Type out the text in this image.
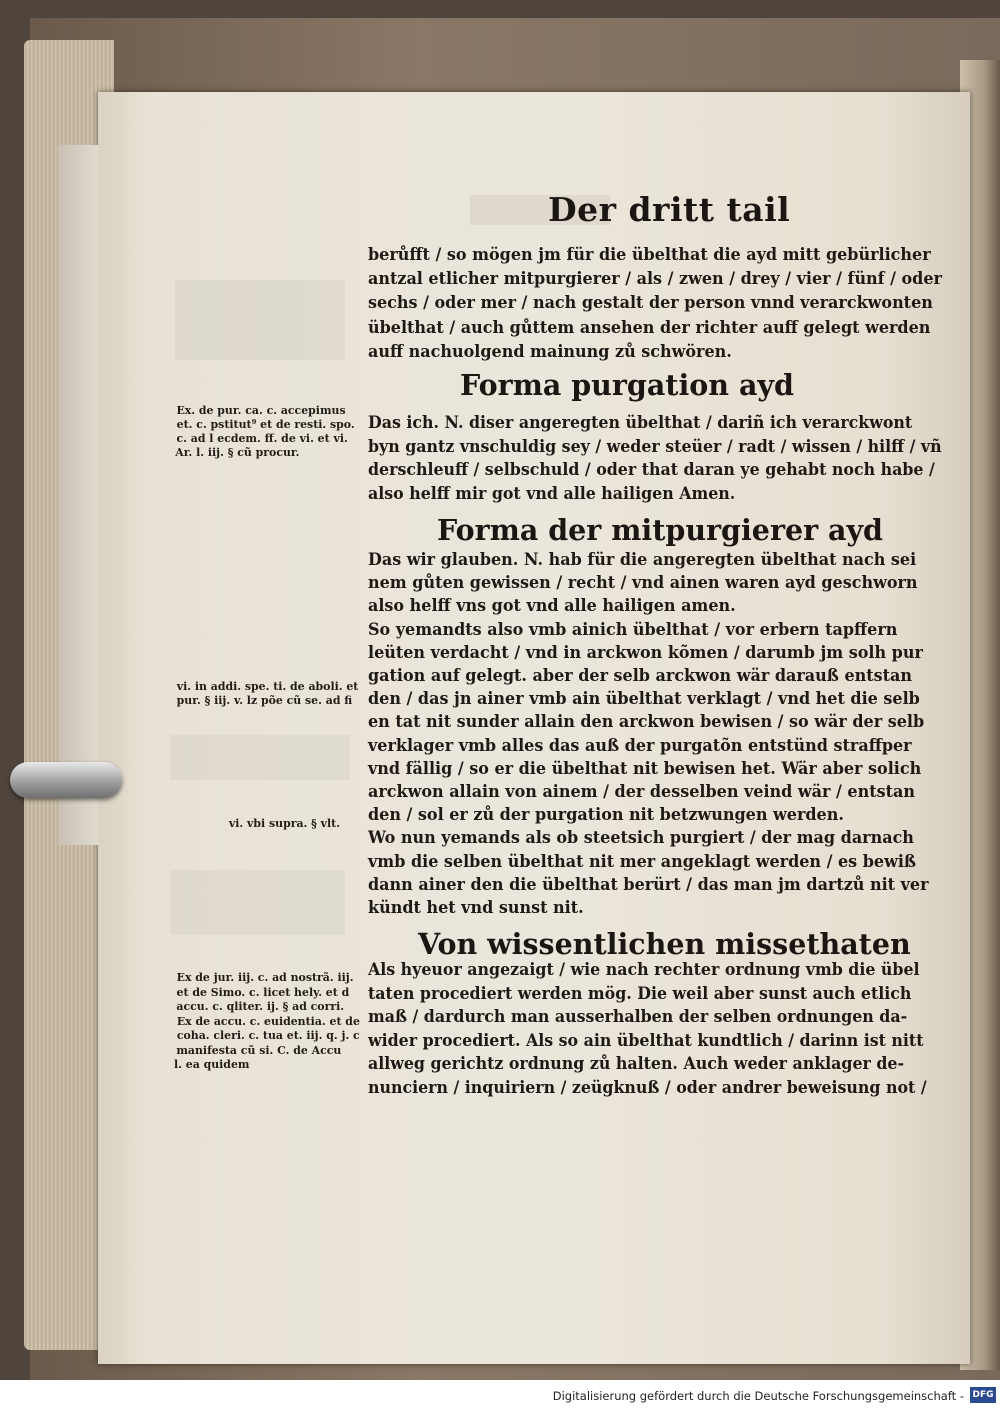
Der dritt tail
berůfft / so mögen jm für die übelthat die ayd mitt gebürlicher
antzal etlicher mitpurgierer / als / zwen / drey / vier / fünf / oder
sechs / oder mer / nach gestalt der person vnnd verarckwonten
übelthat / auch gůttem ansehen der richter auff gelegt werden
auff nachuolgend mainung zů schwören.
Forma purgation ayd
Das ich. N. diser angeregten übelthat / dariñ ich verarckwont
byn gantz vnschuldig sey / weder steüer / radt / wissen / hilff / vñ
derschleuff / selbschuld / oder that daran ye gehabt noch habe /
also helff mir got vnd alle hailigen Amen.
Forma der mitpurgierer ayd
Das wir glauben. N. hab für die angeregten übelthat nach sei
nem gůten gewissen / recht / vnd ainen waren ayd geschworn
also helff vns got vnd alle hailigen amen.
So yemandts also vmb ainich übelthat / vor erbern tapffern
leüten verdacht / vnd in arckwon kõmen / darumb jm solh pur
gation auf gelegt. aber der selb arckwon wär darauß entstan
den / das jn ainer vmb ain übelthat verklagt / vnd het die selb
en tat nit sunder allain den arckwon bewisen / so wär der selb
verklager vmb alles das auß der purgatõn entstünd straffper
vnd fällig / so er die übelthat nit bewisen het. Wär aber solich
arckwon allain von ainem / der desselben veind wär / entstan
den / sol er zů der purgation nit betzwungen werden.
Wo nun yemands als ob steetsich purgiert / der mag darnach
vmb die selben übelthat nit mer angeklagt werden / es bewiß
dann ainer den die übelthat berürt / das man jm dartzů nit ver
kündt het vnd sunst nit.
Von wissentlichen missethaten
Als hyeuor angezaigt / wie nach rechter ordnung vmb die übel
taten procediert werden mög. Die weil aber sunst auch etlich
maß / dardurch man ausserhalben der selben ordnungen da-
wider procediert. Als so ain übelthat kundtlich / darinn ist nitt
allweg gerichtz ordnung zů halten. Auch weder anklager de-
nunciern / inquiriern / zeügknuß / oder andrer beweisung not /
Ex. de pur. ca. c. accepimus
et. c. pstitut⁹ et de resti. spo.
c. ad l ecdem. ff. de vi. et vi.
Ar. l. iij. § cũ procur.
vi. in addi. spe. ti. de aboli. et
pur. § iij. v. lz põe cũ se. ad fi
vi. vbi supra. § vlt.
Ex de jur. iij. c. ad nostrã. iij.
et de Simo. c. licet hely. et d
accu. c. qliter. ij. § ad corri.
Ex de accu. c. euidentia. et de
coha. cleri. c. tua et. iij. q. j. c
manifesta cũ si. C. de Accu
l. ea quidem
Digitalisierung gefördert durch die Deutsche Forschungsgemeinschaft - DFG
